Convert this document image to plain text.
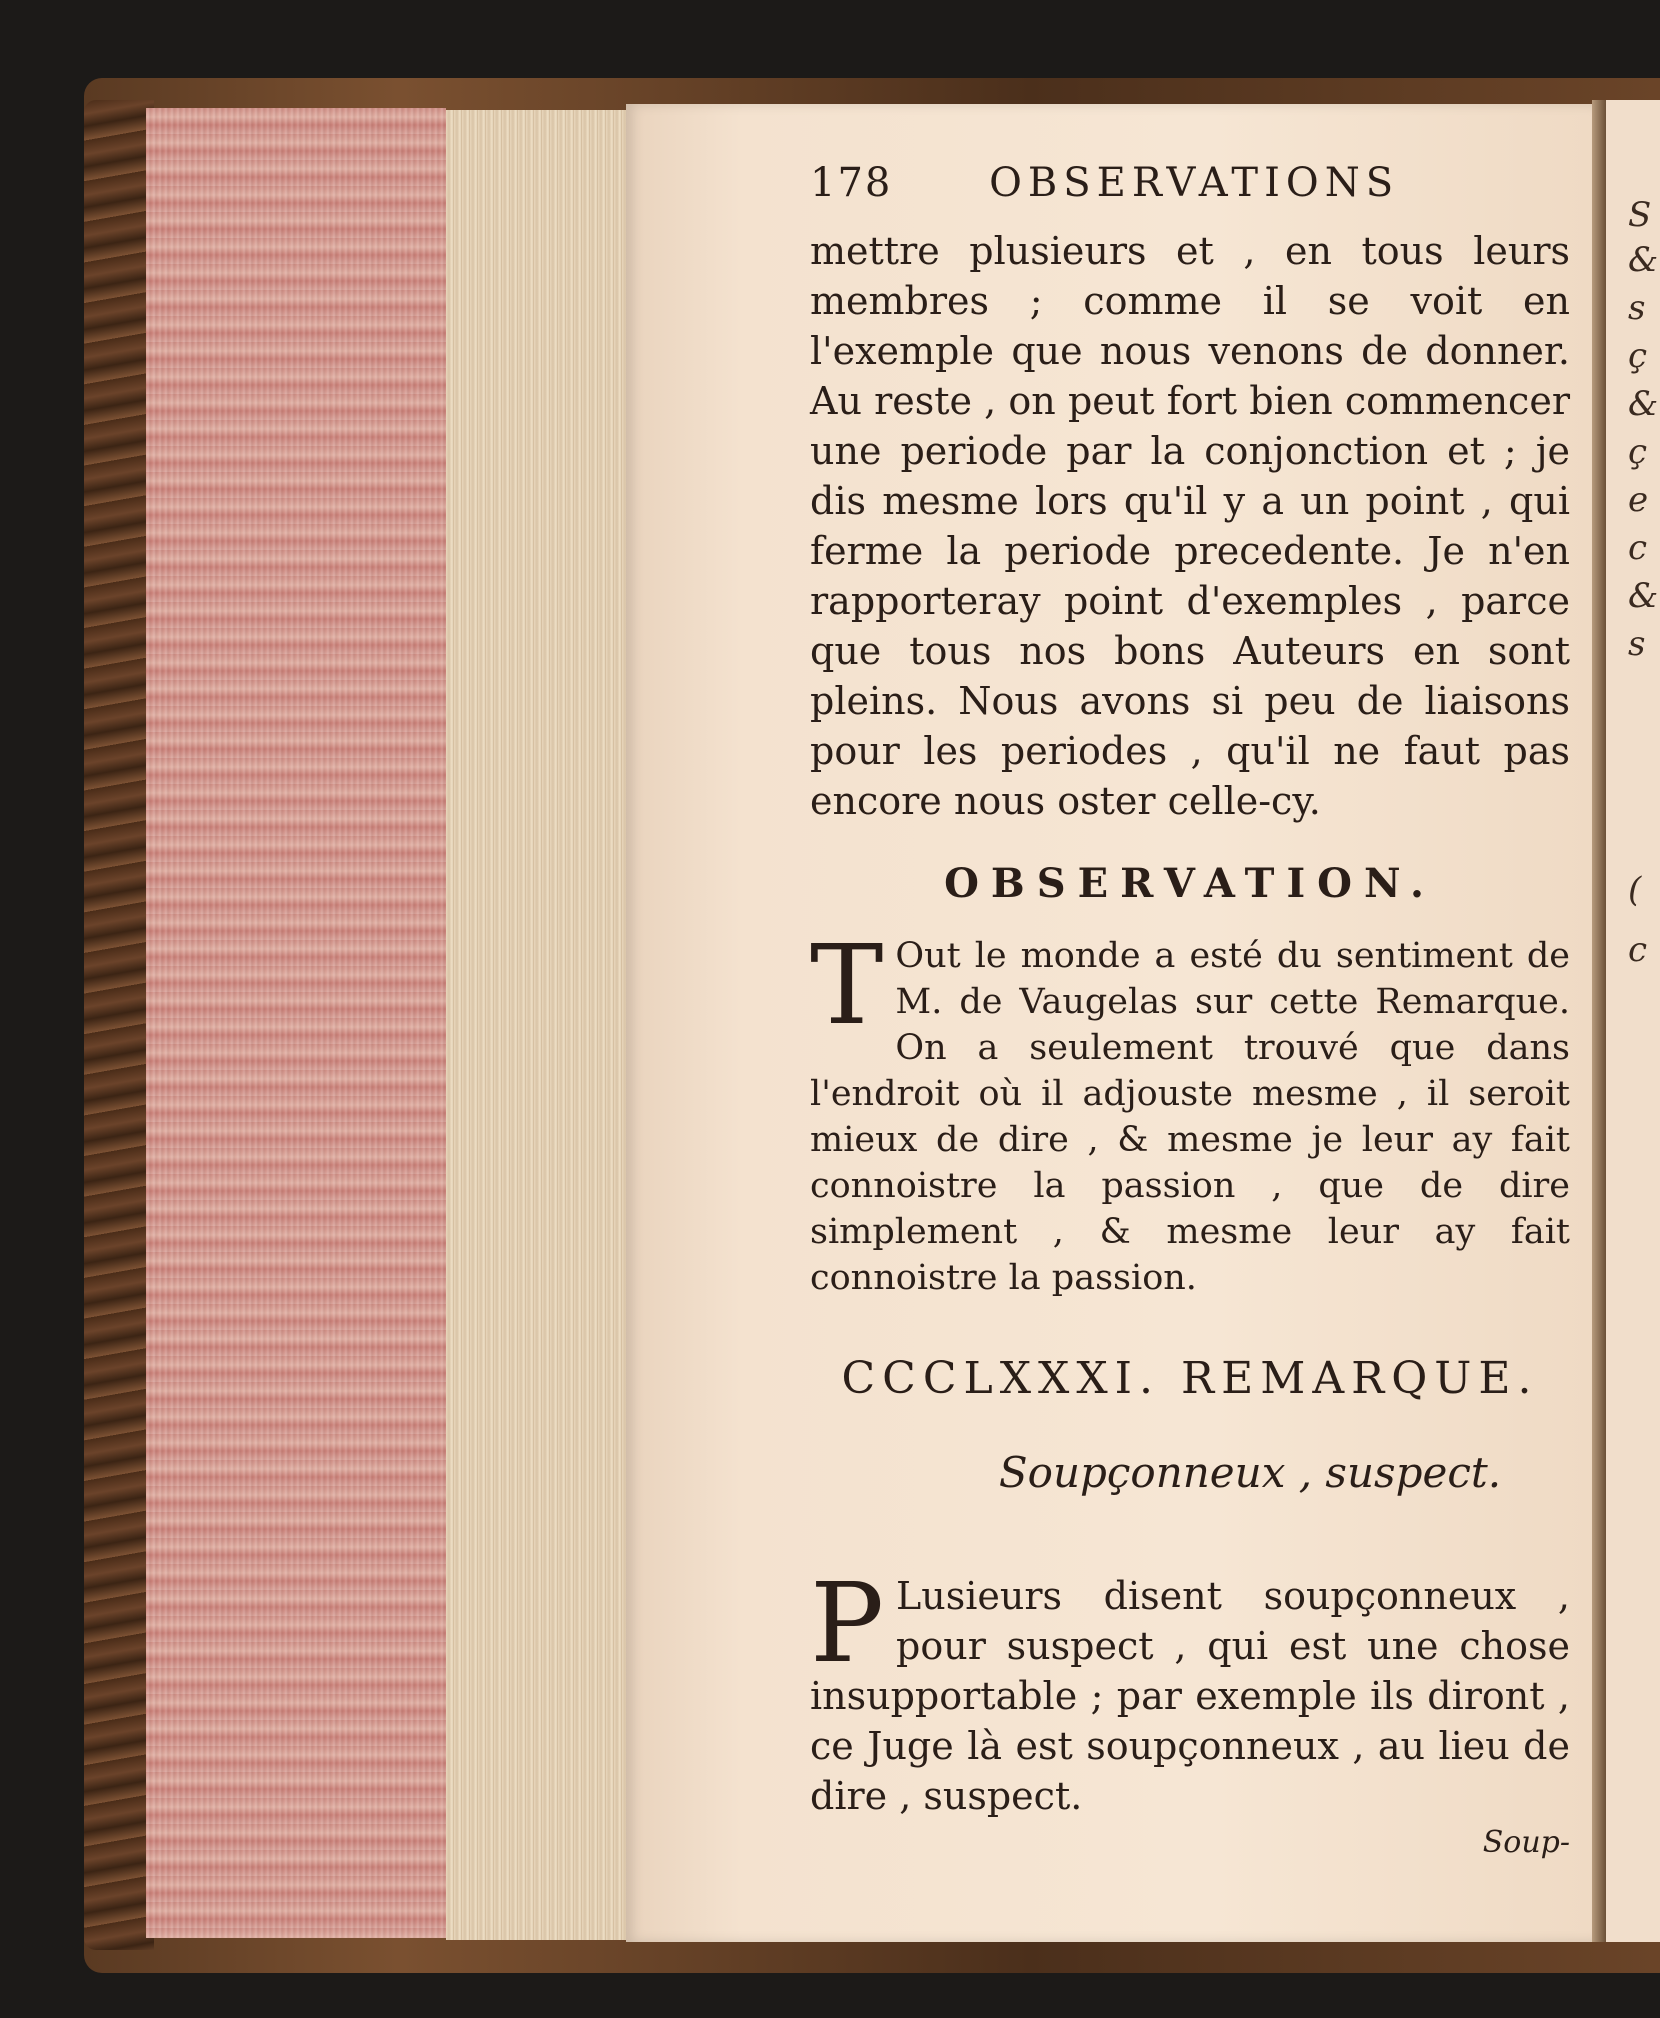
S
&
s
ç
&
ç
e
c
&
s
(
c
178 OBSERVATIONS

mettre plusieurs et , en tous leurs membres ; comme il se voit en l'exemple que nous venons de donner. Au reste , on peut fort bien commencer une periode par la conjonction et ; je dis mesme lors qu'il y a un point , qui ferme la periode precedente. Je n'en rapporteray point d'exemples , parce que tous nos bons Auteurs en sont pleins. Nous avons si peu de liaisons pour les periodes , qu'il ne faut pas encore nous oster celle-cy.

OBSERVATION.

T Out le monde a esté du sentiment de M. de Vaugelas sur cette Remarque. On a seulement trouvé que dans l'endroit où il adjouste mesme , il seroit mieux de dire , & mesme je leur ay fait connoistre la passion , que de dire simplement , & mesme leur ay fait connoistre la passion.

CCCLXXXI. REMARQUE.
Soupçonneux , suspect.

P Lusieurs disent soupçonneux , pour suspect , qui est une chose insupportable ; par exemple ils diront , ce Juge là est soupçonneux , au lieu de dire , suspect.

Soup-
